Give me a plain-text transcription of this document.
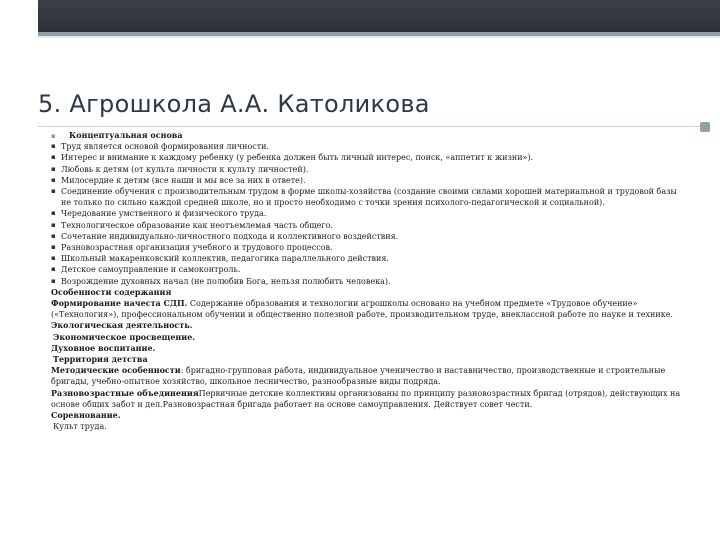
5. Агрошкола А.А. Католикова
▪ Концептуальная основа
▪ Труд является основой формирования личности.
▪ Интерес и внимание к каждому ребенку (у ребенка должен быть личный интерес, поиск, «аппетит к жизни»).
▪ Любовь к детям (от культа личности к культу личностей).
▪ Милосердие к детям (все наши и мы все за них в ответе).
▪ Соединение обучения с производительным трудом в форме школы-хозяйства (создание своими силами хорошей материальной и трудовой базы не только по сильно каждой средней школе, но и просто необходимо с точки зрения психолого-педагогической и социальной).
▪ Чередование умственного и физического труда.
▪ Технологическое образование как неотъемлемая часть общего.
▪ Сочетание индивидуально-личностного подхода и коллективного воздействия.
▪ Разновозрастная организация учебного и трудового процессов.
▪ Школьный макаренковский коллектив, педагогика параллельного действия.
▪ Детское самоуправление и самоконтроль.
▪ Возрождение духовных начал (не полюбив Бога, нельзя полюбить человека).
Особенности содержания
Формирование начеста СДП. Содержание образования и технологии агрошколы основано на учебном предмете «Трудовое обучение» («Технология»), профессиональном обучении и общественно полезной работе, производительном труде, внеклассной работе по науке и технике.
Экологическая деятельность.
Экономическое просвещение.
Духовное воспитание.
Территория детства
Методические особенности: бригадно-групповая работа, индивидуальное ученичество и наставничество, производственные и строительные бригады, учебно-опытное хозяйство, школьное лесничество, разнообразные виды подряда.
Разновозрастные объединенияПервичные детские коллективы организованы по принципу разновозрастных бригад (отрядов), действующих на основе общих забот и дел.Разновозрастная бригада работает на основе самоуправления. Действует совет чести.
Соревнование.
Культ труда.
